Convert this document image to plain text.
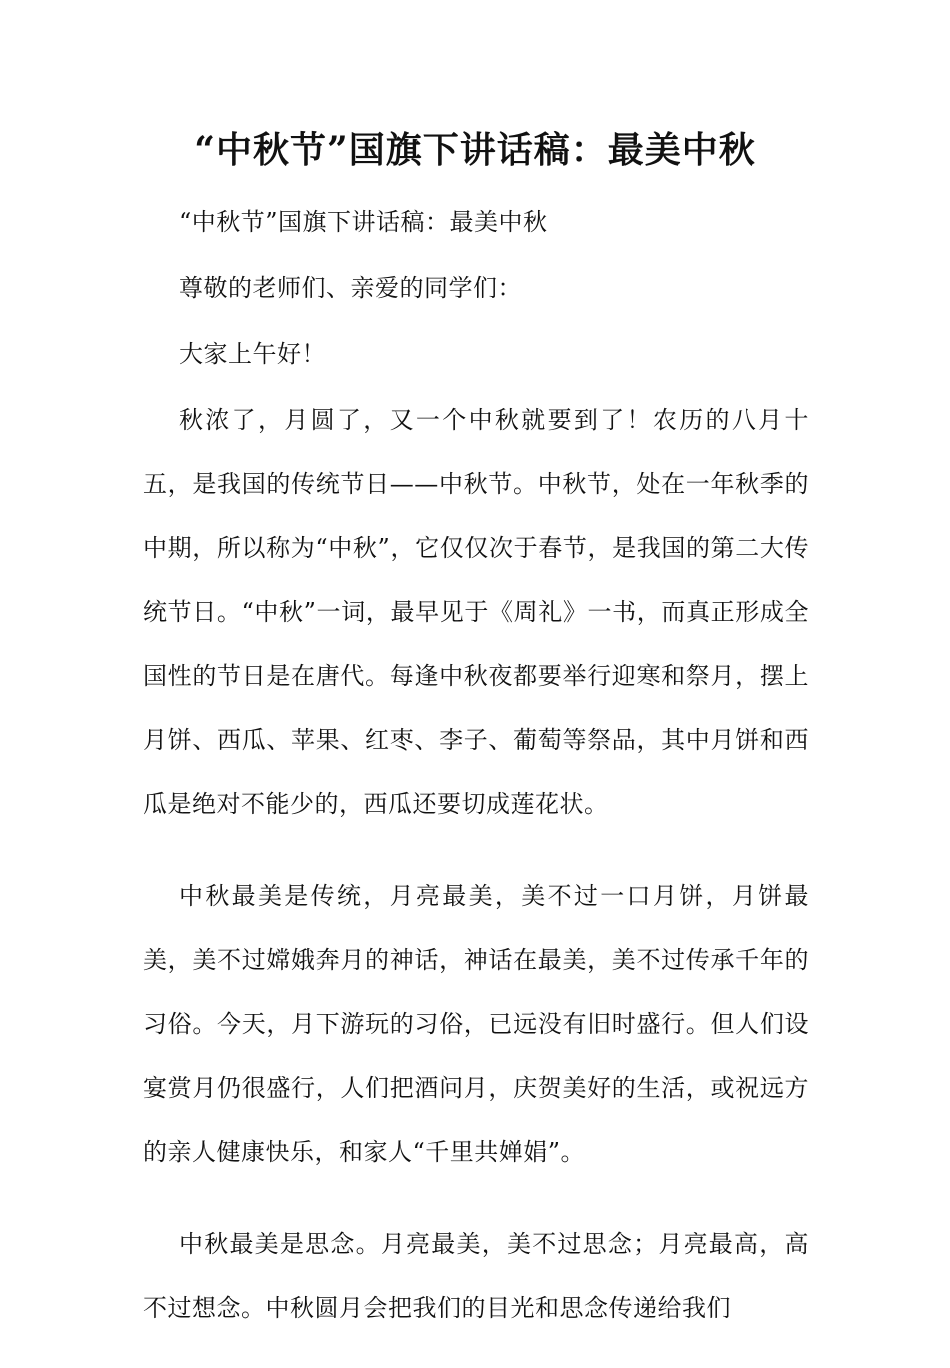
“中秋节”国旗下讲话稿：最美中秋

“中秋节”国旗下讲话稿：最美中秋

尊敬的老师们、亲爱的同学们：

大家上午好！

秋浓了，月圆了，又一个中秋就要到了！农历的八月十五，是我国的传统节日——中秋节。中秋节，处在一年秋季的中期，所以称为“中秋”，它仅仅次于春节，是我国的第二大传统节日。“中秋”一词，最早见于《周礼》一书，而真正形成全国性的节日是在唐代。每逢中秋夜都要举行迎寒和祭月，摆上月饼、西瓜、苹果、红枣、李子、葡萄等祭品，其中月饼和西瓜是绝对不能少的，西瓜还要切成莲花状。

中秋最美是传统，月亮最美，美不过一口月饼，月饼最美，美不过嫦娥奔月的神话，神话在最美，美不过传承千年的习俗。今天，月下游玩的习俗，已远没有旧时盛行。但人们设宴赏月仍很盛行，人们把酒问月，庆贺美好的生活，或祝远方的亲人健康快乐，和家人“千里共婵娟”。

中秋最美是思念。月亮最美，美不过思念；月亮最高，高不过想念。中秋圆月会把我们的目光和思念传递给我们
